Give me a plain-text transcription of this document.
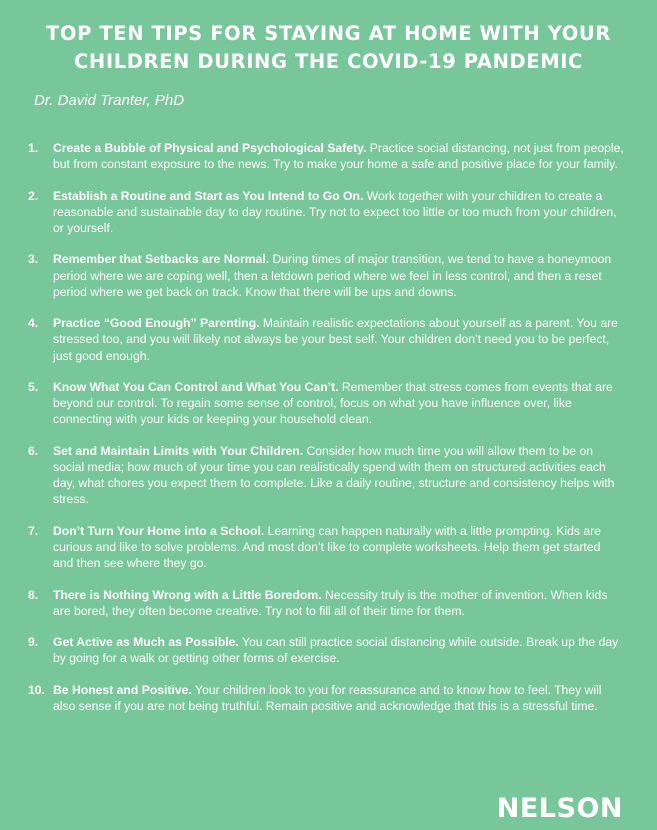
TOP TEN TIPS FOR STAYING AT HOME WITH YOUR
CHILDREN DURING THE COVID-19 PANDEMIC

Dr. David Tranter, PhD

1.	Create a Bubble of Physical and Psychological Safety. Practice social distancing, not just from people, but from constant exposure to the news. Try to make your home a safe and positive place for your family.
2.	Establish a Routine and Start as You Intend to Go On. Work together with your children to create a reasonable and sustainable day to day routine. Try not to expect too little or too much from your children, or yourself.
3.	Remember that Setbacks are Normal. During times of major transition, we tend to have a honeymoon period where we are coping well, then a letdown period where we feel in less control, and then a reset period where we get back on track. Know that there will be ups and downs.
4.	Practice “Good Enough” Parenting. Maintain realistic expectations about yourself as a parent. You are stressed too, and you will likely not always be your best self. Your children don’t need you to be perfect, just good enough.
5.	Know What You Can Control and What You Can’t. Remember that stress comes from events that are beyond our control. To regain some sense of control, focus on what you have influence over, like connecting with your kids or keeping your household clean.
6.	Set and Maintain Limits with Your Children. Consider how much time you will allow them to be on social media; how much of your time you can realistically spend with them on structured activities each day, what chores you expect them to complete. Like a daily routine, structure and consistency helps with stress.
7.	Don’t Turn Your Home into a School. Learning can happen naturally with a little prompting. Kids are curious and like to solve problems. And most don’t like to complete worksheets. Help them get started and then see where they go.
8.	There is Nothing Wrong with a Little Boredom. Necessity truly is the mother of invention. When kids are bored, they often become creative. Try not to fill all of their time for them.
9.	Get Active as Much as Possible. You can still practice social distancing while outside. Break up the day by going for a walk or getting other forms of exercise.
10. Be Honest and Positive. Your children look to you for reassurance and to know how to feel. They will also sense if you are not being truthful. Remain positive and acknowledge that this is a stressful time.
NELSON
